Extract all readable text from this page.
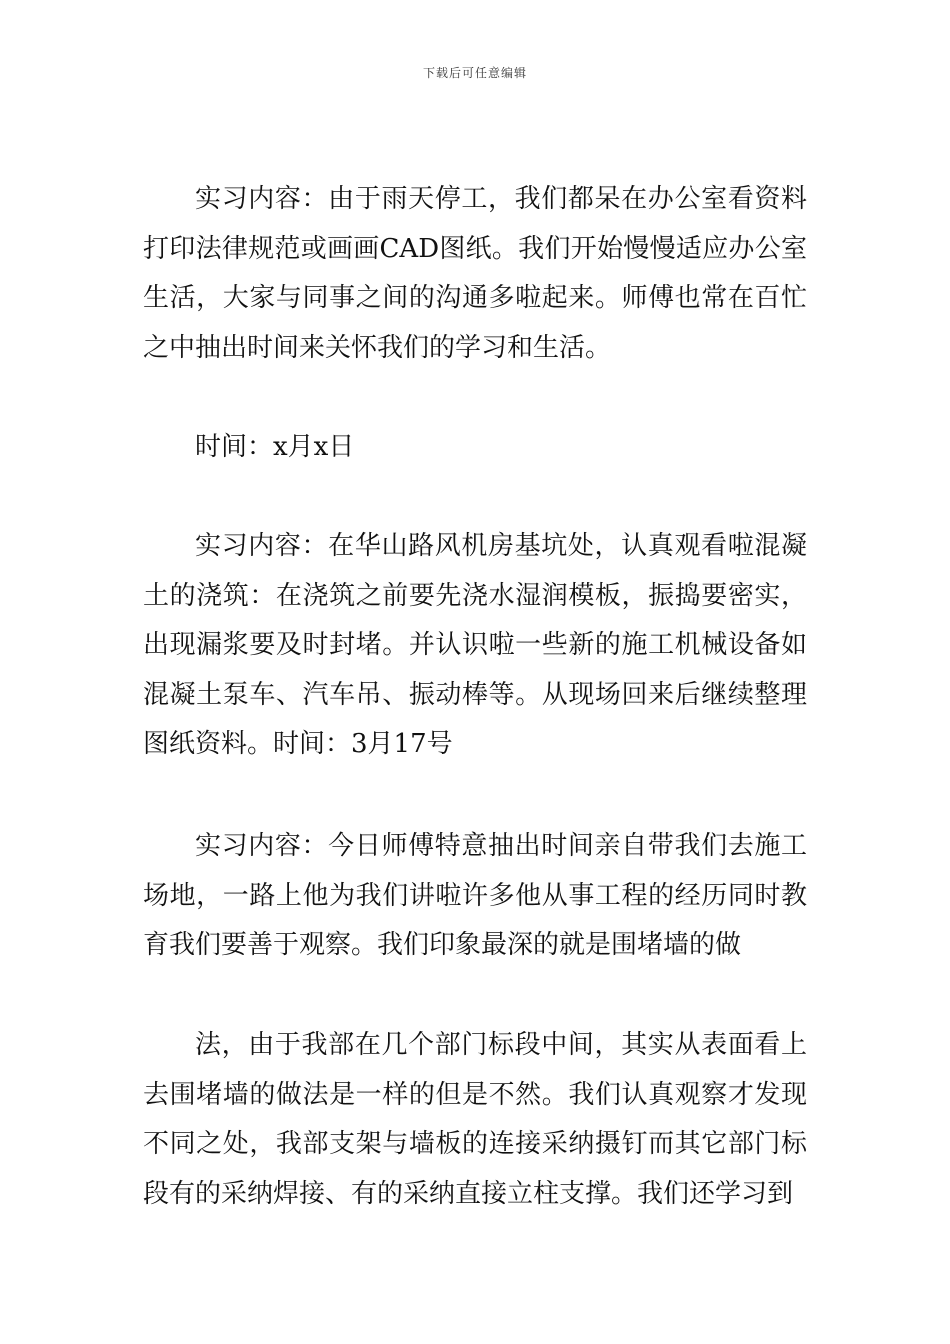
下载后可任意编辑

实习内容：由于雨天停工，我们都呆在办公室看资料打印法律规范或画画CAD图纸。我们开始慢慢适应办公室生活，大家与同事之间的沟通多啦起来。师傅也常在百忙之中抽出时间来关怀我们的学习和生活。

时间：x月x日

实习内容：在华山路风机房基坑处，认真观看啦混凝土的浇筑：在浇筑之前要先浇水湿润模板，振捣要密实，出现漏浆要及时封堵。并认识啦一些新的施工机械设备如混凝土泵车、汽车吊、振动棒等。从现场回来后继续整理图纸资料。时间：3月17号

实习内容：今日师傅特意抽出时间亲自带我们去施工场地，一路上他为我们讲啦许多他从事工程的经历同时教育我们要善于观察。我们印象最深的就是围堵墙的做

法，由于我部在几个部门标段中间，其实从表面看上去围堵墙的做法是一样的但是不然。我们认真观察才发现不同之处，我部支架与墙板的连接采纳摄钉而其它部门标段有的采纳焊接、有的采纳直接立柱支撑。我们还学习到
